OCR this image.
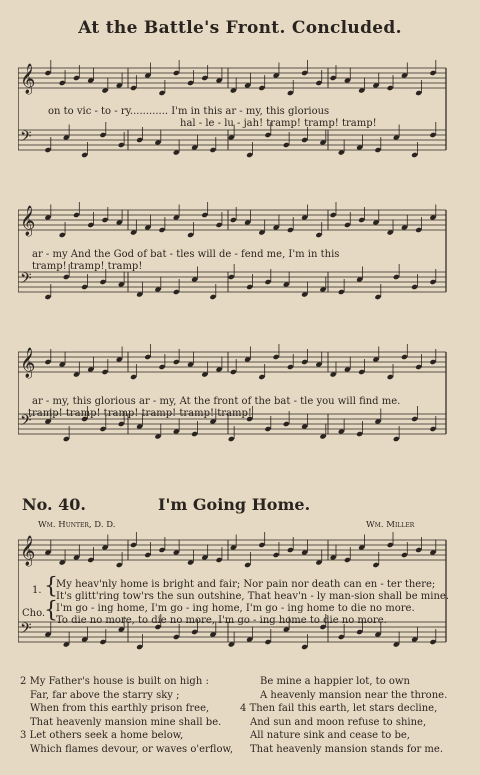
At the Battle's Front. Concluded.
𝄞
𝄢
on to vic - to - ry............ I'm in this ar - my, this glorious
hal - le - lu - jah! tramp! tramp! tramp!
𝄞
𝄢
ar - my And the God of bat - tles will de - fend me, I'm in this
tramp! tramp! tramp!
𝄞
𝄢
ar - my, this glorious ar - my, At the front of the bat - tle you will find me.
tramp! tramp! tramp! tramp! tramp! tramp!
No. 40.	I'm Going Home.
Wm. Hunter, D. D.	Wm. Miller
𝄞
𝄢
1. {
My heav'nly home is bright and fair; Nor pain nor death can en - ter there;
It's glitt'ring tow'rs the sun outshine, That heav'n - ly man-sion shall be mine.
Cho.
{
I'm go - ing home, I'm go - ing home, I'm go - ing home to die no more.
To die no more, to die no more, I'm go - ing home to die no more.
2 My Father's house is built on high :
Far, far above the starry sky ;
When from this earthly prison free,
That heavenly mansion mine shall be.
3 Let others seek a home below,
Which flames devour, or waves o'erflow,
Be mine a happier lot, to own
A heavenly mansion near the throne.
4 Then fail this earth, let stars decline,
And sun and moon refuse to shine,
All nature sink and cease to be,
That heavenly mansion stands for me.
